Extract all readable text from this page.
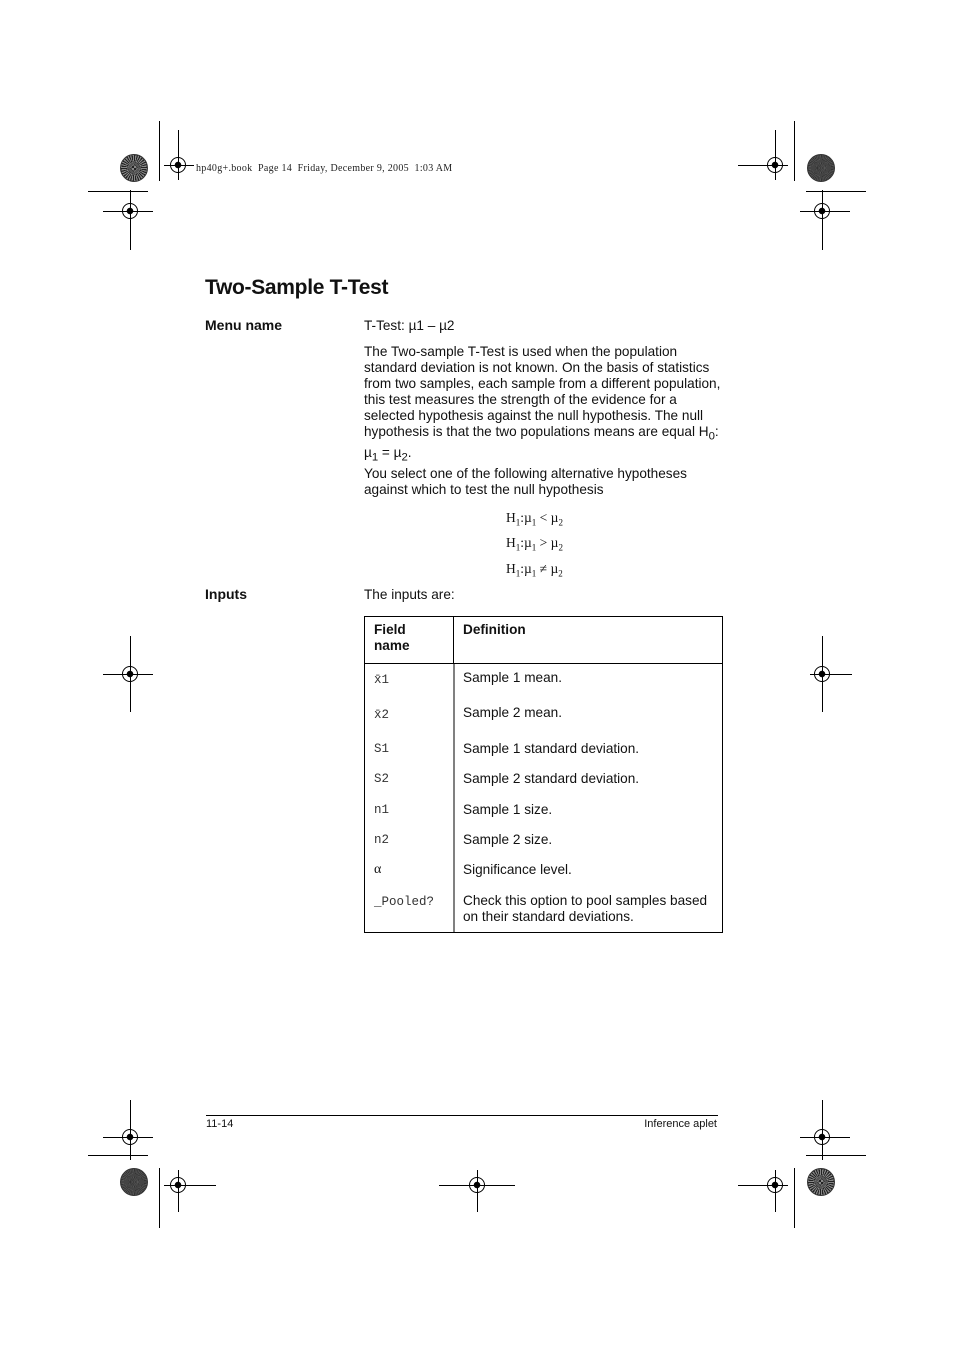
hp40g+.book  Page 14  Friday, December 9, 2005  1:03 AM
Two-Sample T-Test
Menu name	T-Test: µ1 – µ2
The Two-sample T-Test is used when the population standard deviation is not known. On the basis of statistics from two samples, each sample from a different population, this test measures the strength of the evidence for a selected hypothesis against the null hypothesis. The null hypothesis is that the two populations means are equal $H_0$: µ$_1$ = µ$_2$.
You select one of the following alternative hypotheses against which to test the null hypothesis
$H_1:\mu_1 < \mu_2$
$H_1:\mu_1 > \mu_2$
$H_1:\mu_1 \ne \mu_2$
Inputs	The inputs are:
Field name	Definition

x̄1	Sample 1 mean.
x̄2	Sample 2 mean.
S1	Sample 1 standard deviation.
S2	Sample 2 standard deviation.
n1	Sample 1 size.
n2	Sample 2 size.
α	Significance level.
_Pooled? Check this option to pool samples based on their standard deviations.
11-14	Inference aplet
